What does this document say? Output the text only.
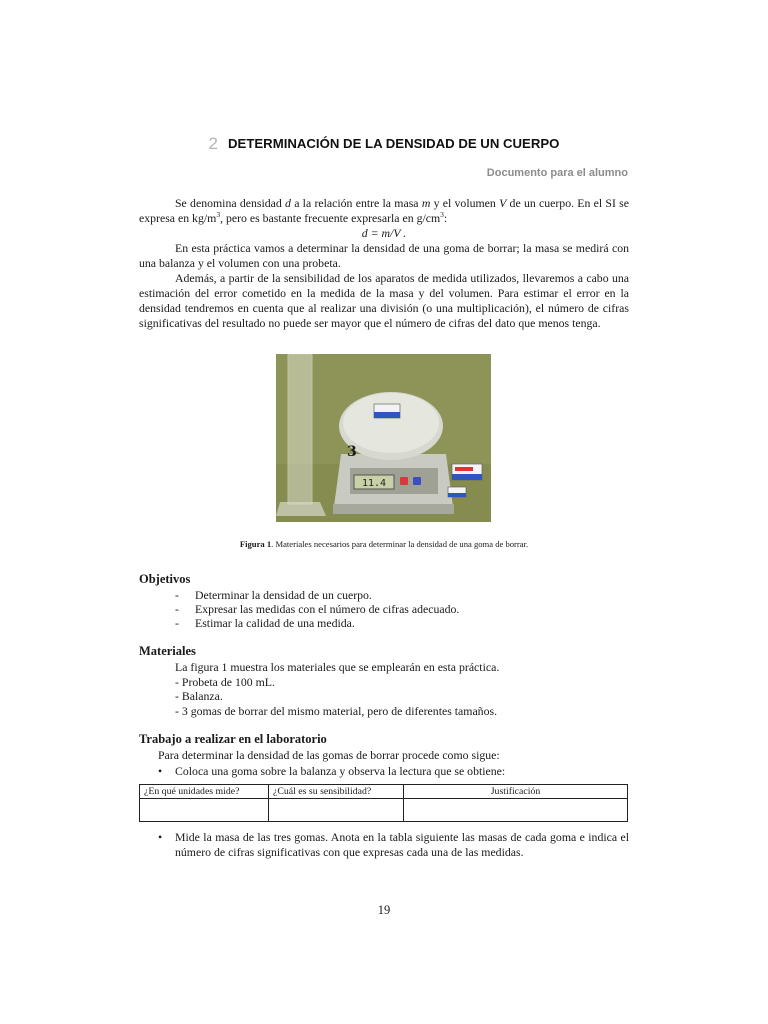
2 DETERMINACIÓN DE LA DENSIDAD DE UN CUERPO
Documento para el alumno

Se denomina densidad d a la relación entre la masa m y el volumen V de un cuerpo. En el SI se expresa en $kg/m^3$, pero es bastante frecuente expresarla en $g/cm^3$:

d = m/V .

En esta práctica vamos a determinar la densidad de una goma de borrar; la masa se medirá con una balanza y el volumen con una probeta.

Además, a partir de la sensibilidad de los aparatos de medida utilizados, llevaremos a cabo una estimación del error cometido en la medida de la masa y del volumen. Para estimar el error en la densidad tendremos en cuenta que al realizar una división (o una multiplicación), el número de cifras significativas del resultado no puede ser mayor que el número de cifras del dato que menos tenga.

11.4
3
Figura 1. Materiales necesarios para determinar la densidad de una goma de borrar.
Objetivos
- Determinar la densidad de un cuerpo.
- Expresar las medidas con el número de cifras adecuado.
- Estimar la calidad de una medida.
Materiales
La figura 1 muestra los materiales que se emplearán en esta práctica.
- Probeta de 100 mL.
- Balanza.
- 3 gomas de borrar del mismo material, pero de diferentes tamaños.
Trabajo a realizar en el laboratorio
Para determinar la densidad de las gomas de borrar procede como sigue:
•	Coloca una goma sobre la balanza y observa la lectura que se obtiene:
¿En qué unidades mide?	¿Cuál es su sensibilidad?	Justificación

•	Mide la masa de las tres gomas. Anota en la tabla siguiente las masas de cada goma e indica el número de cifras significativas con que expresas cada una de las medidas.
19
